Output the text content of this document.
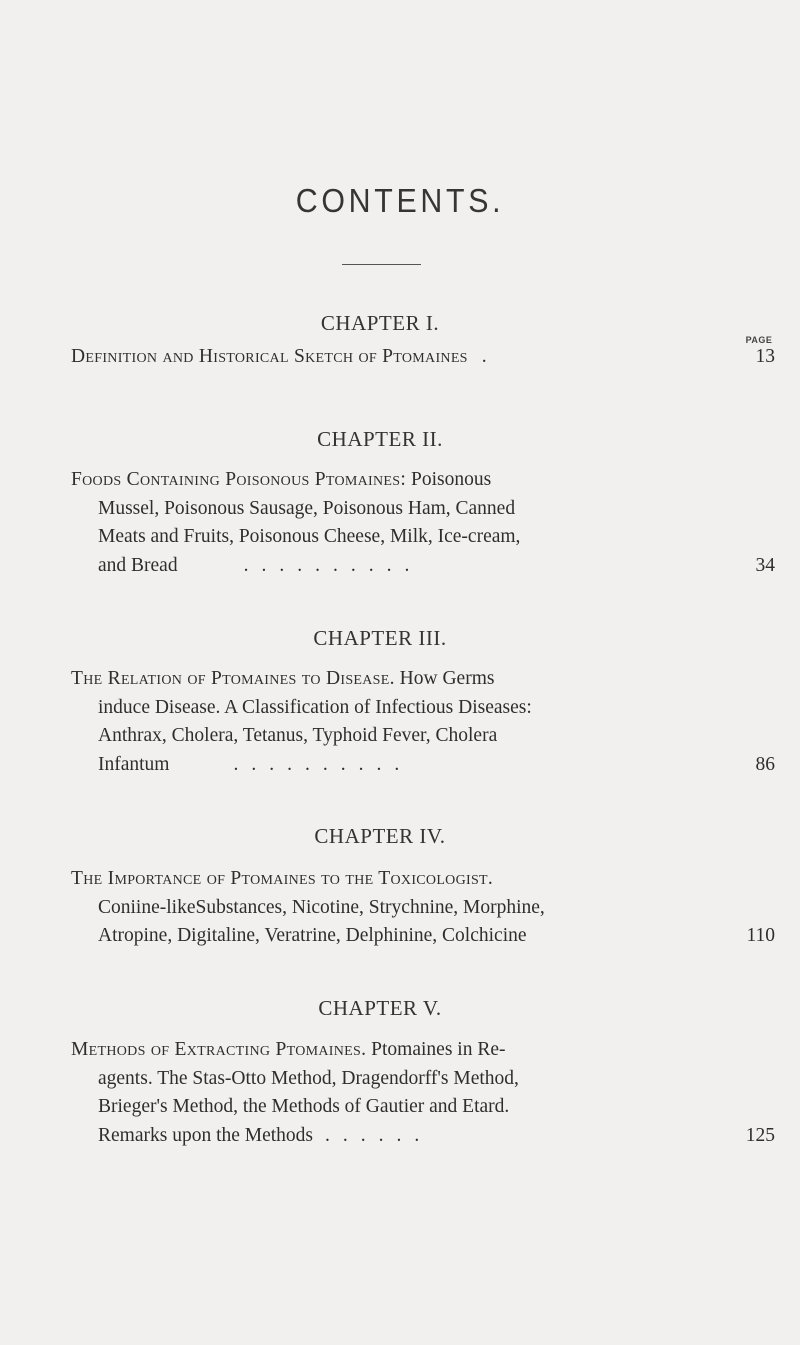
CONTENTS.
PAGE
CHAPTER I.
Definition and Historical Sketch of Ptomaines .	13
CHAPTER II.
Foods Containing Poisonous Ptomaines: Poisonous
Mussel, Poisonous Sausage, Poisonous Ham, Canned
Meats and Fruits, Poisonous Cheese, Milk, Ice-cream,
and Bread	..........	34
CHAPTER III.
The Relation of Ptomaines to Disease. How Germs
induce Disease. A Classification of Infectious Diseases:
Anthrax, Cholera, Tetanus, Typhoid Fever, Cholera
Infantum	..........	86
CHAPTER IV.
The Importance of Ptomaines to the Toxicologist.
Coniine-likeSubstances, Nicotine, Strychnine, Morphine,
Atropine, Digitaline, Veratrine, Delphinine, Colchicine	110
CHAPTER V.
Methods of Extracting Ptomaines. Ptomaines in Re-
agents. The Stas-Otto Method, Dragendorff's Method,
Brieger's Method, the Methods of Gautier and Etard.
Remarks upon the Methods ......	125
